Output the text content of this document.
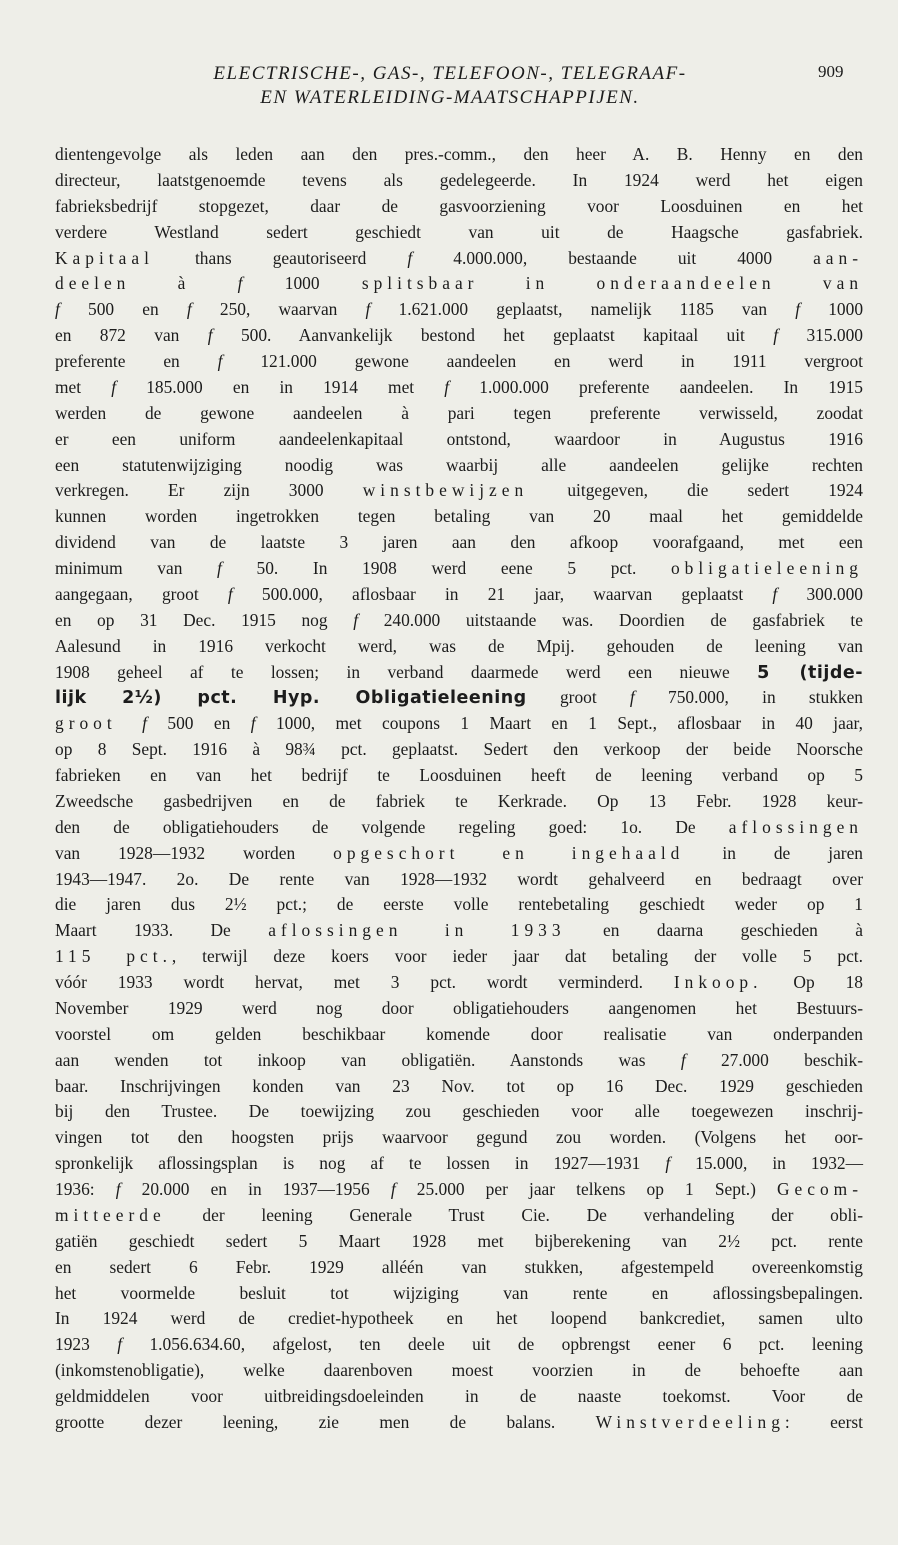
ELECTRISCHE-, GAS-, TELEFOON-, TELEGRAAF-
EN WATERLEIDING-MAATSCHAPPIJEN.
909
dientengevolge als leden aan den pres.-comm., den heer A. B. Henny en den
directeur, laatstgenoemde tevens als gedelegeerde. In 1924 werd het eigen
fabrieksbedrijf stopgezet, daar de gasvoorziening voor Loosduinen en het
verdere Westland sedert geschiedt van uit de Haagsche gasfabriek.
Kapitaal thans geautoriseerd f 4.000.000, bestaande uit 4000 aan-
deelen à f 1000 splitsbaar in onderaandeelen van
f 500 en f 250, waarvan f 1.621.000 geplaatst, namelijk 1185 van f 1000
en 872 van f 500. Aanvankelijk bestond het geplaatst kapitaal uit f 315.000
preferente en f 121.000 gewone aandeelen en werd in 1911 vergroot
met f 185.000 en in 1914 met f 1.000.000 preferente aandeelen. In 1915
werden de gewone aandeelen à pari tegen preferente verwisseld, zoodat
er een uniform aandeelenkapitaal ontstond, waardoor in Augustus 1916
een statutenwijziging noodig was waarbij alle aandeelen gelijke rechten
verkregen. Er zijn 3000 winstbewijzen uitgegeven, die sedert 1924
kunnen worden ingetrokken tegen betaling van 20 maal het gemiddelde
dividend van de laatste 3 jaren aan den afkoop voorafgaand, met een
minimum van f 50. In 1908 werd eene 5 pct. obligatieleening
aangegaan, groot f 500.000, aflosbaar in 21 jaar, waarvan geplaatst f 300.000
en op 31 Dec. 1915 nog f 240.000 uitstaande was. Doordien de gasfabriek te
Aalesund in 1916 verkocht werd, was de Mpij. gehouden de leening van
1908 geheel af te lossen; in verband daarmede werd een nieuwe 5 (tijde-
lijk 2½) pct. Hyp. Obligatieleening groot f 750.000, in stukken
groot f 500 en f 1000, met coupons 1 Maart en 1 Sept., aflosbaar in 40 jaar,
op 8 Sept. 1916 à 98¾ pct. geplaatst. Sedert den verkoop der beide Noorsche
fabrieken en van het bedrijf te Loosduinen heeft de leening verband op 5
Zweedsche gasbedrijven en de fabriek te Kerkrade. Op 13 Febr. 1928 keur-
den de obligatiehouders de volgende regeling goed: 1o. De aflossingen
van 1928—1932 worden opgeschort en ingehaald in de jaren
1943—1947. 2o. De rente van 1928—1932 wordt gehalveerd en bedraagt over
die jaren dus 2½ pct.; de eerste volle rentebetaling geschiedt weder op 1
Maart 1933. De aflossingen in 1933 en daarna geschieden à
115 pct., terwijl deze koers voor ieder jaar dat betaling der volle 5 pct.
vóór 1933 wordt hervat, met 3 pct. wordt verminderd. Inkoop. Op 18
November 1929 werd nog door obligatiehouders aangenomen het Bestuurs-
voorstel om gelden beschikbaar komende door realisatie van onderpanden
aan wenden tot inkoop van obligatiën. Aanstonds was f 27.000 beschik-
baar. Inschrijvingen konden van 23 Nov. tot op 16 Dec. 1929 geschieden
bij den Trustee. De toewijzing zou geschieden voor alle toegewezen inschrij-
vingen tot den hoogsten prijs waarvoor gegund zou worden. (Volgens het oor-
spronkelijk aflossingsplan is nog af te lossen in 1927—1931 f 15.000, in 1932—
1936: f 20.000 en in 1937—1956 f 25.000 per jaar telkens op 1 Sept.) Gecom-
mitteerde der leening Generale Trust Cie. De verhandeling der obli-
gatiën geschiedt sedert 5 Maart 1928 met bijberekening van 2½ pct. rente
en sedert 6 Febr. 1929 alléén van stukken, afgestempeld overeenkomstig
het voormelde besluit tot wijziging van rente en aflossingsbepalingen.
In 1924 werd de crediet-hypotheek en het loopend bankcrediet, samen ulto
1923 f 1.056.634.60, afgelost, ten deele uit de opbrengst eener 6 pct. leening
(inkomstenobligatie), welke daarenboven moest voorzien in de behoefte aan
geldmiddelen voor uitbreidingsdoeleinden in de naaste toekomst. Voor de
grootte dezer leening, zie men de balans. Winstverdeeling: eerst
